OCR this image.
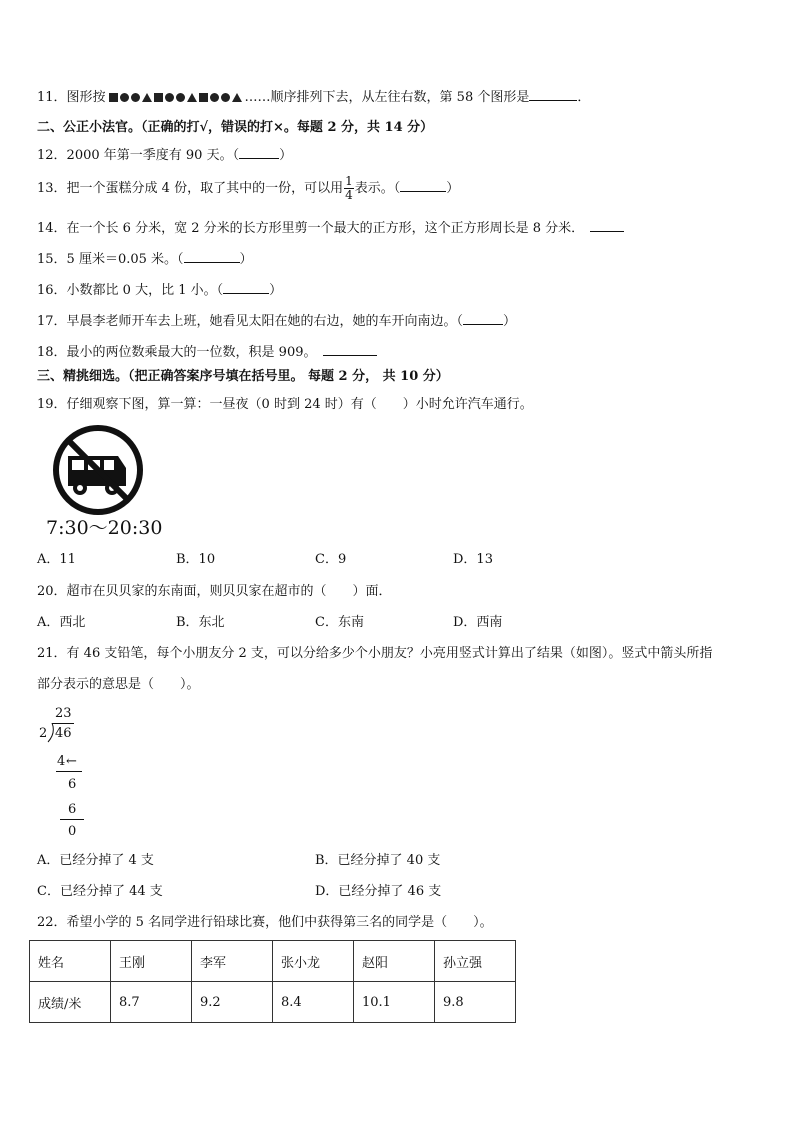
11．图形按	……顺序排列下去，从左往右数，第 58 个图形是	．
二、公正小法官。（正确的打√，错误的打×。每题 2 分，共 14 分）
12．2000 年第一季度有 90 天。（	）
13．把一个蛋糕分成 4 份，取了其中的一份，可以用 $\frac{1}{4}$ 表示。（	）
14．在一个长 6 分米，宽 2 分米的长方形里剪一个最大的正方形，这个正方形周长是 8 分米．
15．5 厘米＝0.05 米。（	）
16．小数都比 0 大，比 1 小。（	）
17．早晨李老师开车去上班，她看见太阳在她的右边，她的车开向南边。（	）
18．最小的两位数乘最大的一位数，积是 909。
三、精挑细选。（把正确答案序号填在括号里。 每题 2 分， 共 10 分）
19．仔细观察下图，算一算：一昼夜（0 时到 24 时）有（　　）小时允许汽车通行。
7:30～20:30
A．11	B．10	C．9	D．13
20．超市在贝贝家的东南面，则贝贝家在超市的（　　）面．
A．西北	B．东北	C．东南	D．西南
21．有 46 支铅笔，每个小朋友分 2 支，可以分给多少个小朋友？小亮用竖式计算出了结果（如图）。竖式中箭头所指
部分表示的意思是（　　）。
23
2 46
4 ←
6
6
0
A．已经分掉了 4 支	B．已经分掉了 40 支
C．已经分掉了 44 支	D．已经分掉了 46 支
22．希望小学的 5 名同学进行铅球比赛，他们中获得第三名的同学是（　　）。
姓名	王刚	李军	张小龙	赵阳	孙立强
成绩/米	8.7	9.2	8.4	10.1	9.8
